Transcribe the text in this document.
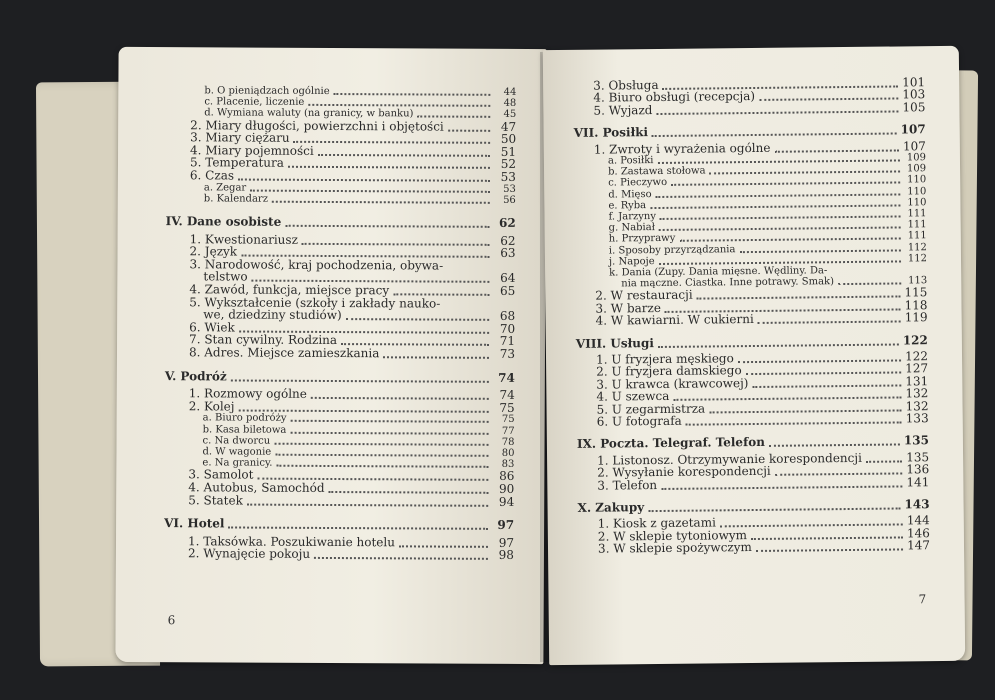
b. O pieniądzach ogólnie	44
c. Placenie, liczenie	48
d. Wymiana waluty (na granicy, w banku)	45
2. Miary długości, powierzchni i objętości	47
3. Miary ciężaru	50
4. Miary pojemności	51
5. Temperatura	52
6. Czas	53
a. Zegar	53
b. Kalendarz	56
IV. Dane osobiste	62
1. Kwestionariusz	62
2. Język	63
3. Narodowość, kraj pochodzenia, obywa-
telstwo	64
4. Zawód, funkcja, miejsce pracy	65
5. Wykształcenie (szkoły i zakłady nauko-
we, dziedziny studiów)	68
6. Wiek	70
7. Stan cywilny. Rodzina	71
8. Adres. Miejsce zamieszkania	73
V. Podróż	74
1. Rozmowy ogólne	74
2. Kolej	75
a. Biuro podróży	75
b. Kasa biletowa	77
c. Na dworcu	78
d. W wagonie	80
e. Na granicy.	83
3. Samolot	86
4. Autobus, Samochód	90
5. Statek	94
VI. Hotel	97
1. Taksówka. Poszukiwanie hotelu	97
2. Wynajęcie pokoju	98
6
3. Obsługa	101
4. Biuro obsługi (recepcja)	103
5. Wyjazd	105
VII. Posiłki	107
1. Zwroty i wyrażenia ogólne	107
a. Posiłki	109
b. Zastawa stołowa	109
c. Pieczywo	110
d. Mięso	110
e. Ryba	110
f. Jarzyny	111
g. Nabiał	111
h. Przyprawy	111
i. Sposoby przyrządzania	112
j. Napoje	112
k. Dania (Zupy. Dania mięsne. Wędliny. Da-
nia mączne. Ciastka. Inne potrawy. Smak)	113
2. W restauracji	115
3. W barze	118
4. W kawiarni. W cukierni	119
VIII. Usługi	122
1. U fryzjera męskiego	122
2. U fryzjera damskiego	127
3. U krawca (krawcowej)	131
4. U szewca	132
5. U zegarmistrza	132
6. U fotografa	133
IX. Poczta. Telegraf. Telefon	135
1. Listonosz. Otrzymywanie korespondencji	135
2. Wysyłanie korespondencji	136
3. Telefon	141
X. Zakupy	143
1. Kiosk z gazetami	144
2. W sklepie tytoniowym	146
3. W sklepie spożywczym	147
7
